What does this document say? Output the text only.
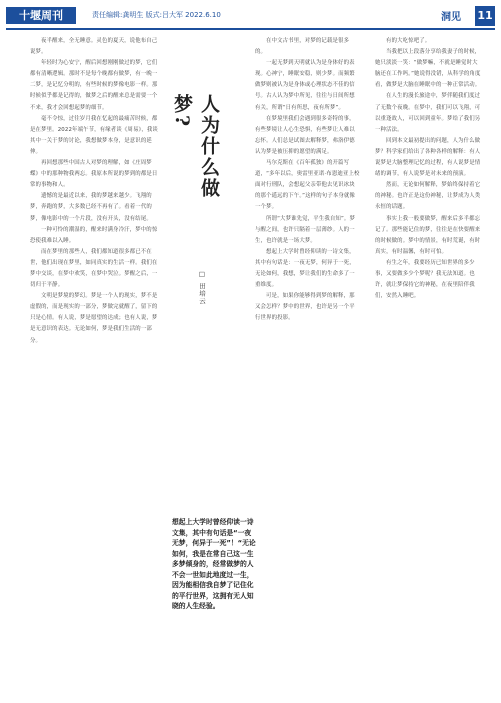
十堰周刊	责任编辑:龚明生 版式:吕大军 2022.6.10	洞见 11

夜半醒来，全无睡意。灵色的夏天，说他布自己说梦。

年轻时为心安宁，醒后回想刚刚做过的梦，它们都有清晰逻辑。那时不是每个晚都有做梦，有一晚一二梦，是记忆分明的，有些时候的梦像电影一样。那时候似乎都是记得的，做梦之后的醒来总是需要一个不来，我才会回想起梦的细节。

毫不令惊，过往岁月我在忆起的最痛苦时候，都是在梦里。2022年端午节，有缘者谈《周易》，我谈其中一关于梦的讨论，我想做梦本身，是意识的延伸。

再回想那些中国古人对梦的理解，如《庄周梦蝶》中的那种物我两忘。我原本所说的梦到的都是日常的事物和人。

遗憾的是最近以来，我的梦越来越少。飞翔的梦，奔跑的梦，大多数已经不再有了。看着一代的梦，像电影中的一个片段，没有开头，没有结尾。

一种可怜的潮湿的，醒来时满身冷汗，梦中的惊恐使我难以入睡。

而在梦里的那些人，我们都知道很多都已不在世，他们出现在梦里，如同真实的生活一样。我们在梦中交谈，在梦中欢笑，在梦中哭泣。梦醒之后，一切归于平静。

文明是梦境的梦幻。梦是一个人的现实，梦不是虚假的，而是现实的一部分，梦做完就醒了，留下的只是心情。有人说，梦是愿望的达成；也有人说，梦是无意识的表达。无论如何，梦是我们生活的一部分。

人为什么做梦?
□ 田培云
想起上大学时曾经仰读一诗文集，其中有句话是“一夜无梦，何异于一死”！“无论如何，我是在常自己这一生多梦倾身的，经常做梦的人不会一世如此地度过一生，因为能相信我自梦了记住化的平行世界，这拥有无人知晓的人生经验。

在中文古书里，对梦的记载是很多的。

一起无梦到天明就认为是身体好的表现。心神宁，睡眠安稳，则少梦。而频繁做梦则被认为是身体或心理状态不佳的信号。古人认为梦中所见，往往与日间所想有关，所谓“日有所思，夜有所梦”。

在梦境里我们会遇到很多奇特的事，有些梦境让人心生恐惧，有些梦让人难以忘怀。人们总是试图去解释梦，弗洛伊德认为梦是被压抑的愿望的满足。

马尔克斯在《百年孤独》的开篇写道，“多年以后，奥雷里亚诺·布恩迪亚上校面对行刑队，会想起父亲带他去见识冰块的那个遥远的下午。”这样的句子本身就像一个梦。

所谓“大梦谁先觉，平生我自知”。梦与醒之间，也许只隔着一层薄纱。人的一生，也许就是一场大梦。

想起上大学时曾经仰读的一诗文集，其中有句话是：一夜无梦，何异于一死，无论如何，我想，梦让我们的生命多了一重维度。

可是，如果你能够得到梦的解释，那又会怎样？梦中的世界，也许是另一个平行世界的投影。

有的大吃惊吧了。

当我把以上段落分享给我妻子的时候，她只淡淡一笑：“做梦嘛，不就是睡觉时大脑还在工作吗。”她说得没错，从科学的角度看，做梦是大脑在睡眠中的一种正常活动。

在人生的漫长旅途中，梦伴随我们度过了无数个夜晚。在梦中，我们可以飞翔，可以重逢故人，可以回到童年。梦给了我们另一种活法。

回到本文最初提出的问题，人为什么做梦？科学家们给出了各种各样的解释：有人说梦是大脑整理记忆的过程，有人说梦是情绪的调节，有人说梦是对未来的预演。

然而，无论如何解释，梦始终保持着它的神秘。也许正是这份神秘，让梦成为人类永恒的话题。

事实上我一般要做梦，醒来后多半都忘记了。那些能记住的梦，往往是在快要醒来的时候做的。梦中的情景，有时荒诞，有时真实，有时温馨，有时可怕。

有生之年，我要经历已知世界的多少事，又要做多少个梦呢？我无法知道。也许，就让梦保持它的神秘，在夜里陪伴我们，安然入睡吧。
